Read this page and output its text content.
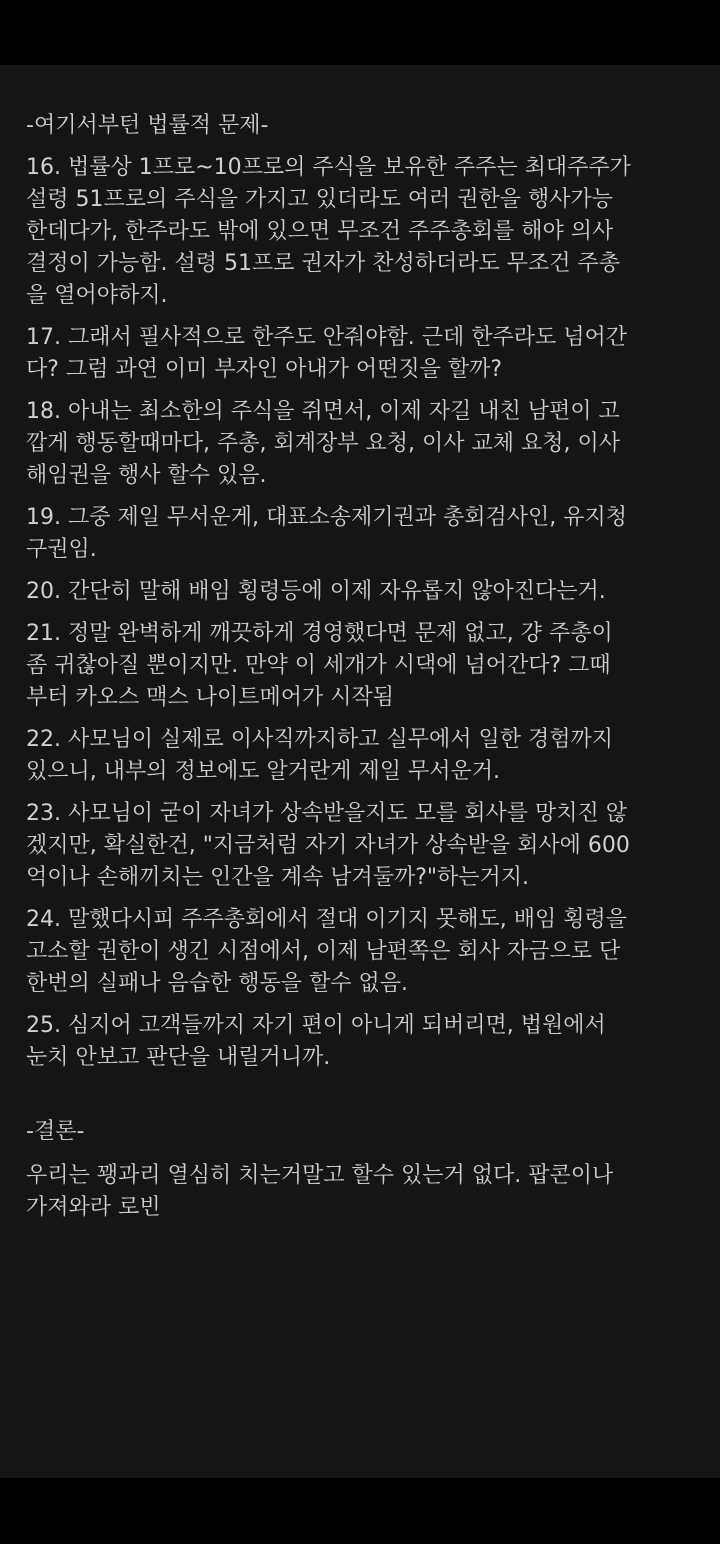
-여기서부턴 법률적 문제-
16. 법률상 1프로~10프로의 주식을 보유한 주주는 최대주주가
설령 51프로의 주식을 가지고 있더라도 여러 권한을 행사가능
한데다가, 한주라도 밖에 있으면 무조건 주주총회를 해야 의사
결정이 가능함. 설령 51프로 권자가 찬성하더라도 무조건 주총
을 열어야하지.
17. 그래서 필사적으로 한주도 안줘야함. 근데 한주라도 넘어간
다? 그럼 과연 이미 부자인 아내가 어떤짓을 할까?
18. 아내는 최소한의 주식을 쥐면서, 이제 자길 내친 남편이 고
깝게 행동할때마다, 주총, 회계장부 요청, 이사 교체 요청, 이사
해임권을 행사 할수 있음.
19. 그중 제일 무서운게, 대표소송제기권과 총회검사인, 유지청
구권임.
20. 간단히 말해 배임 횡령등에 이제 자유롭지 않아진다는거.
21. 정말 완벽하게 깨끗하게 경영했다면 문제 없고, 걍 주총이
좀 귀찮아질 뿐이지만. 만약 이 세개가 시댁에 넘어간다? 그때
부터 카오스 맥스 나이트메어가 시작됨
22. 사모님이 실제로 이사직까지하고 실무에서 일한 경험까지
있으니, 내부의 정보에도 알거란게 제일 무서운거.
23. 사모님이 굳이 자녀가 상속받을지도 모를 회사를 망치진 않
겠지만, 확실한건, "지금처럼 자기 자녀가 상속받을 회사에 600
억이나 손해끼치는 인간을 계속 남겨둘까?"하는거지.
24. 말했다시피 주주총회에서 절대 이기지 못해도, 배임 횡령을
고소할 권한이 생긴 시점에서, 이제 남편쪽은 회사 자금으로 단
한번의 실패나 음습한 행동을 할수 없음.
25. 심지어 고객들까지 자기 편이 아니게 되버리면, 법원에서
눈치 안보고 판단을 내릴거니까.
-결론-
우리는 꽹과리 열심히 치는거말고 할수 있는거 없다. 팝콘이나
가져와라 로빈
